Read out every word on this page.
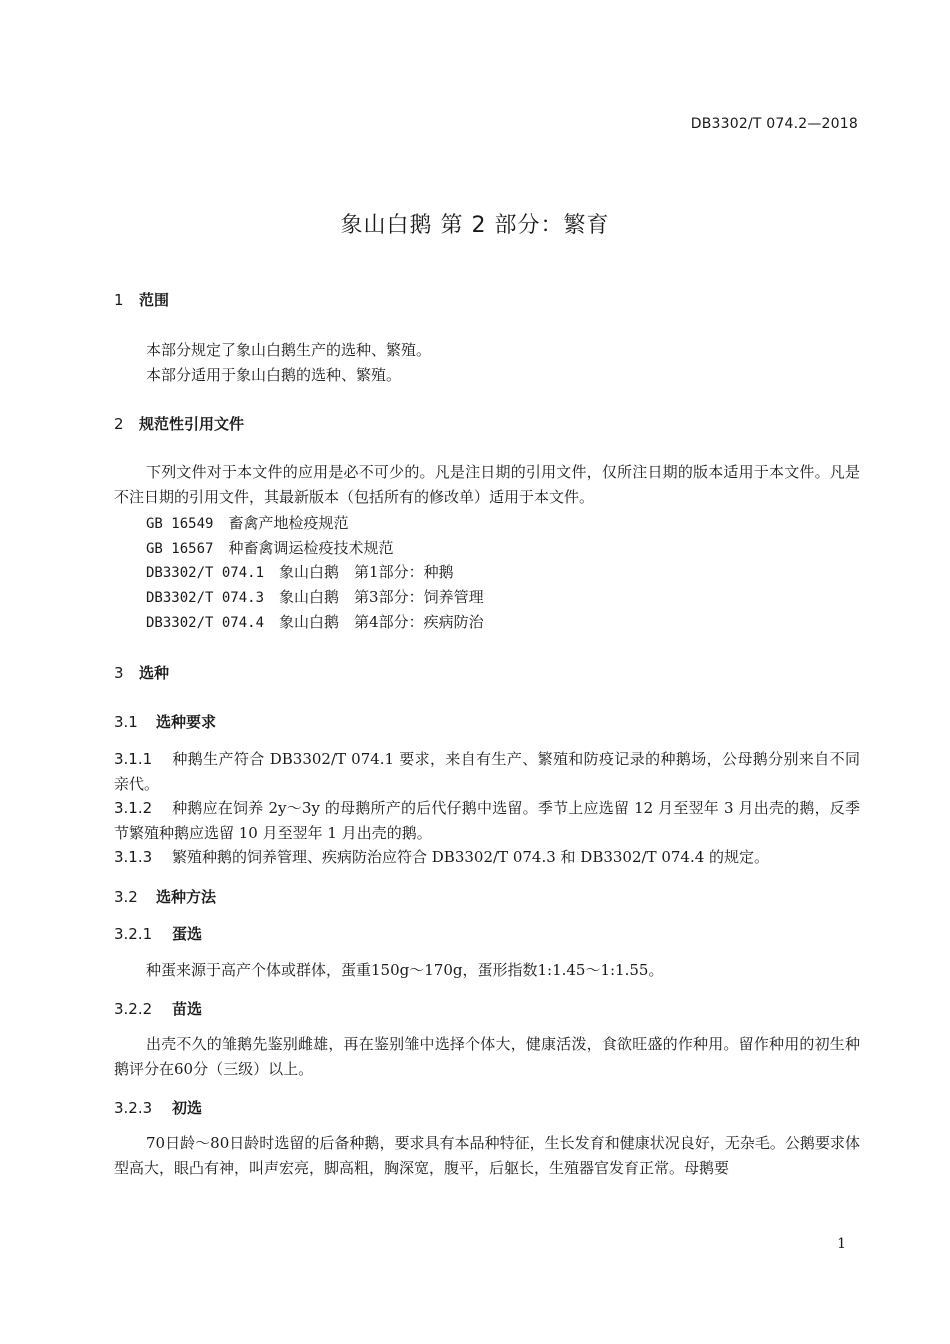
DB3302/T 074.2—2018
象山白鹅 第 2 部分：繁育
1 范围
本部分规定了象山白鹅生产的选种、繁殖。
本部分适用于象山白鹅的选种、繁殖。
2 规范性引用文件
下列文件对于本文件的应用是必不可少的。凡是注日期的引用文件，仅所注日期的版本适用于本文件。凡是不注日期的引用文件，其最新版本（包括所有的修改单）适用于本文件。
GB 16549　 畜禽产地检疫规范
GB 16567　 种畜禽调运检疫技术规范
DB3302/T 074.1　 象山白鹅　第1部分：种鹅
DB3302/T 074.3　 象山白鹅　第3部分：饲养管理
DB3302/T 074.4　 象山白鹅　第4部分：疾病防治
3 选种
3.1 选种要求
3.1.1 种鹅生产符合 DB3302/T 074.1 要求，来自有生产、繁殖和防疫记录的种鹅场，公母鹅分别来自不同亲代。
3.1.2 种鹅应在饲养 2y～3y 的母鹅所产的后代仔鹅中选留。季节上应选留 12 月至翌年 3 月出壳的鹅，反季节繁殖种鹅应选留 10 月至翌年 1 月出壳的鹅。
3.1.3 繁殖种鹅的饲养管理、疾病防治应符合 DB3302/T 074.3 和 DB3302/T 074.4 的规定。
3.2 选种方法
3.2.1 蛋选
种蛋来源于高产个体或群体，蛋重150g～170g，蛋形指数1:1.45～1:1.55。
3.2.2 苗选
出壳不久的雏鹅先鉴别雌雄，再在鉴别雏中选择个体大，健康活泼，食欲旺盛的作种用。留作种用的初生种鹅评分在60分（三级）以上。
3.2.3 初选
70日龄～80日龄时选留的后备种鹅，要求具有本品种特征，生长发育和健康状况良好，无杂毛。公鹅要求体型高大，眼凸有神，叫声宏亮，脚高粗，胸深宽，腹平，后躯长，生殖器官发育正常。母鹅要
1
